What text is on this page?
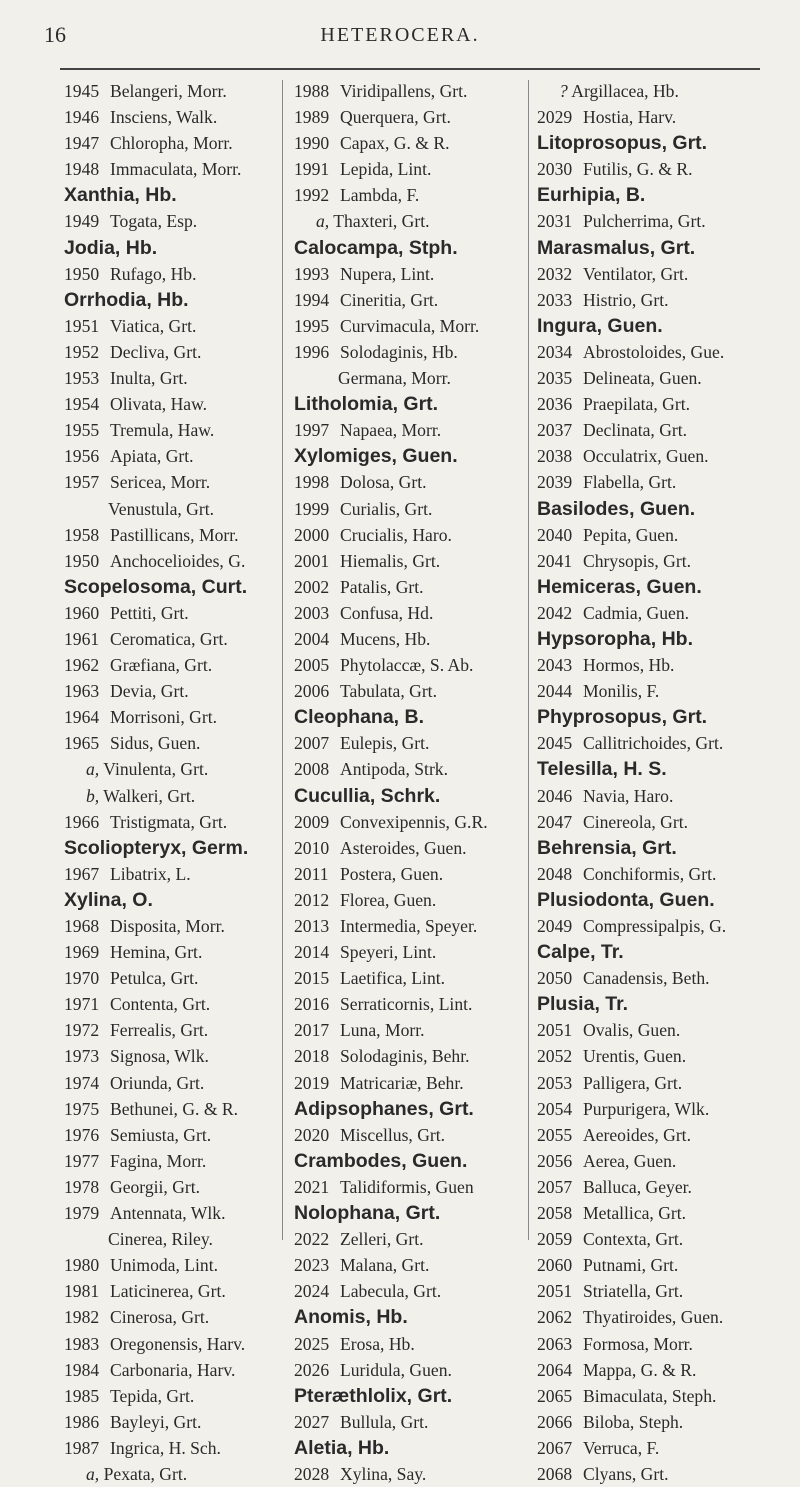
16	HETEROCERA.
1945 Belangeri, Morr.
1946 Insciens, Walk.
1947 Chloropha, Morr.
1948 Immaculata, Morr.
Xanthia, Hb.
1949 Togata, Esp.
Jodia, Hb.
1950 Rufago, Hb.
Orrhodia, Hb.
1951 Viatica, Grt.
1952 Decliva, Grt.
1953 Inulta, Grt.
1954 Olivata, Haw.
1955 Tremula, Haw.
1956 Apiata, Grt.
1957 Sericea, Morr.
Venustula, Grt.
1958 Pastillicans, Morr.
1950 Anchocelioides, G.
Scopelosoma, Curt.
1960 Pettiti, Grt.
1961 Ceromatica, Grt.
1962 Græfiana, Grt.
1963 Devia, Grt.
1964 Morrisoni, Grt.
1965 Sidus, Guen.
a, Vinulenta, Grt.
b, Walkeri, Grt.
1966 Tristigmata, Grt.
Scoliopteryx, Germ.
1967 Libatrix, L.
Xylina, O.
1968 Disposita, Morr.
1969 Hemina, Grt.
1970 Petulca, Grt.
1971 Contenta, Grt.
1972 Ferrealis, Grt.
1973 Signosa, Wlk.
1974 Oriunda, Grt.
1975 Bethunei, G. & R.
1976 Semiusta, Grt.
1977 Fagina, Morr.
1978 Georgii, Grt.
1979 Antennata, Wlk.
Cinerea, Riley.
1980 Unimoda, Lint.
1981 Laticinerea, Grt.
1982 Cinerosa, Grt.
1983 Oregonensis, Harv.
1984 Carbonaria, Harv.
1985 Tepida, Grt.
1986 Bayleyi, Grt.
1987 Ingrica, H. Sch.
a, Pexata, Grt.
1988 Viridipallens, Grt.
1989 Querquera, Grt.
1990 Capax, G. & R.
1991 Lepida, Lint.
1992 Lambda, F.
a, Thaxteri, Grt.
Calocampa, Stph.
1993 Nupera, Lint.
1994 Cineritia, Grt.
1995 Curvimacula, Morr.
1996 Solodaginis, Hb.
Germana, Morr.
Litholomia, Grt.
1997 Napaea, Morr.
Xylomiges, Guen.
1998 Dolosa, Grt.
1999 Curialis, Grt.
2000 Crucialis, Haro.
2001 Hiemalis, Grt.
2002 Patalis, Grt.
2003 Confusa, Hd.
2004 Mucens, Hb.
2005 Phytolaccæ, S. Ab.
2006 Tabulata, Grt.
Cleophana, B.
2007 Eulepis, Grt.
2008 Antipoda, Strk.
Cucullia, Schrk.
2009 Convexipennis, G.R.
2010 Asteroides, Guen.
2011 Postera, Guen.
2012 Florea, Guen.
2013 Intermedia, Speyer.
2014 Speyeri, Lint.
2015 Laetifica, Lint.
2016 Serraticornis, Lint.
2017 Luna, Morr.
2018 Solodaginis, Behr.
2019 Matricariæ, Behr.
Adipsophanes, Grt.
2020 Miscellus, Grt.
Crambodes, Guen.
2021 Talidiformis, Guen
Nolophana, Grt.
2022 Zelleri, Grt.
2023 Malana, Grt.
2024 Labecula, Grt.
Anomis, Hb.
2025 Erosa, Hb.
2026 Luridula, Guen.
Pteræthlolix, Grt.
2027 Bullula, Grt.
Aletia, Hb.
2028 Xylina, Say.
? Argillacea, Hb.
2029 Hostia, Harv.
Litoprosopus, Grt.
2030 Futilis, G. & R.
Eurhipia, B.
2031 Pulcherrima, Grt.
Marasmalus, Grt.
2032 Ventilator, Grt.
2033 Histrio, Grt.
Ingura, Guen.
2034 Abrostoloides, Gue.
2035 Delineata, Guen.
2036 Praepilata, Grt.
2037 Declinata, Grt.
2038 Occulatrix, Guen.
2039 Flabella, Grt.
Basilodes, Guen.
2040 Pepita, Guen.
2041 Chrysopis, Grt.
Hemiceras, Guen.
2042 Cadmia, Guen.
Hypsoropha, Hb.
2043 Hormos, Hb.
2044 Monilis, F.
Phyprosopus, Grt.
2045 Callitrichoides, Grt.
Telesilla, H. S.
2046 Navia, Haro.
2047 Cinereola, Grt.
Behrensia, Grt.
2048 Conchiformis, Grt.
Plusiodonta, Guen.
2049 Compressipalpis, G.
Calpe, Tr.
2050 Canadensis, Beth.
Plusia, Tr.
2051 Ovalis, Guen.
2052 Urentis, Guen.
2053 Palligera, Grt.
2054 Purpurigera, Wlk.
2055 Aereoides, Grt.
2056 Aerea, Guen.
2057 Balluca, Geyer.
2058 Metallica, Grt.
2059 Contexta, Grt.
2060 Putnami, Grt.
2051 Striatella, Grt.
2062 Thyatiroides, Guen.
2063 Formosa, Morr.
2064 Mappa, G. & R.
2065 Bimaculata, Steph.
2066 Biloba, Steph.
2067 Verruca, F.
2068 Clyans, Grt.
